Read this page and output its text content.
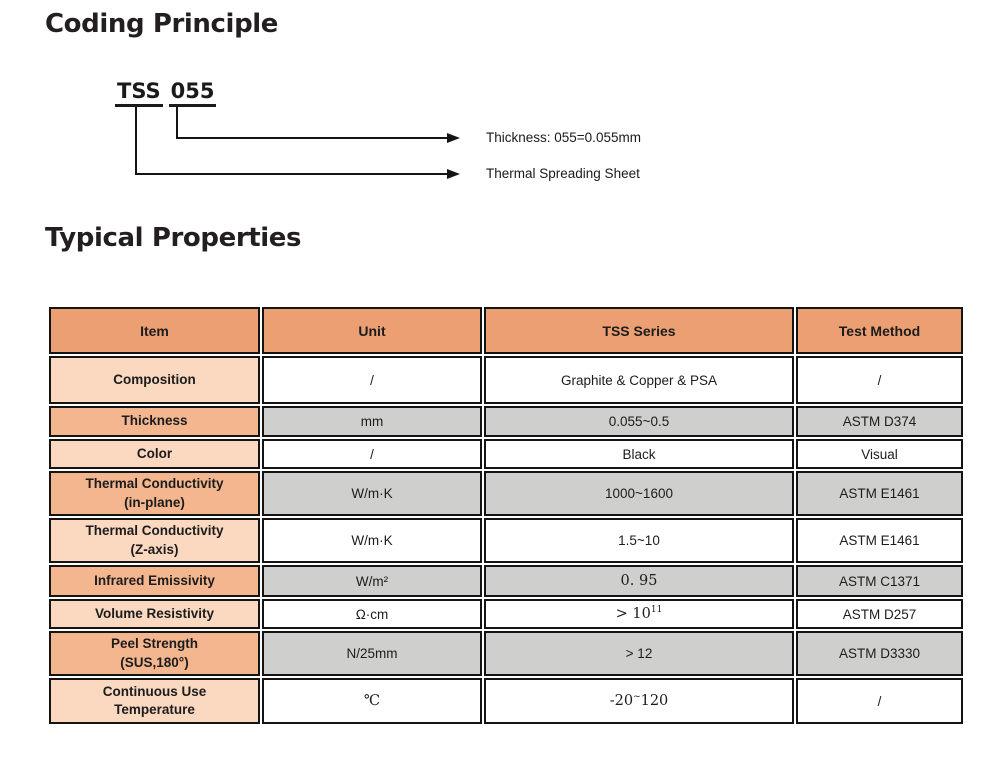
Coding Principle
TSS 055
Thickness: 055=0.055mm
Thermal Spreading Sheet
Typical Properties
Item	Unit	TSS Series	Test Method
Composition	/	Graphite & Copper & PSA	/
Thickness	mm	0.055~0.5	ASTM D374
Color	/	Black	Visual
Thermal Conductivity
(in-plane)	W/m·K	1000~1600	ASTM E1461
Thermal Conductivity
(Z-axis)	W/m·K	1.5~10	ASTM E1461
Infrared Emissivity	W/m²	0. 95	ASTM C1371
Volume Resistivity	Ω·cm	> $10^{11}$	ASTM D257
Peel Strength
(SUS,180°)	N/25mm	> 12	ASTM D3330
Continuous Use
Temperature	℃	-20~120	/
